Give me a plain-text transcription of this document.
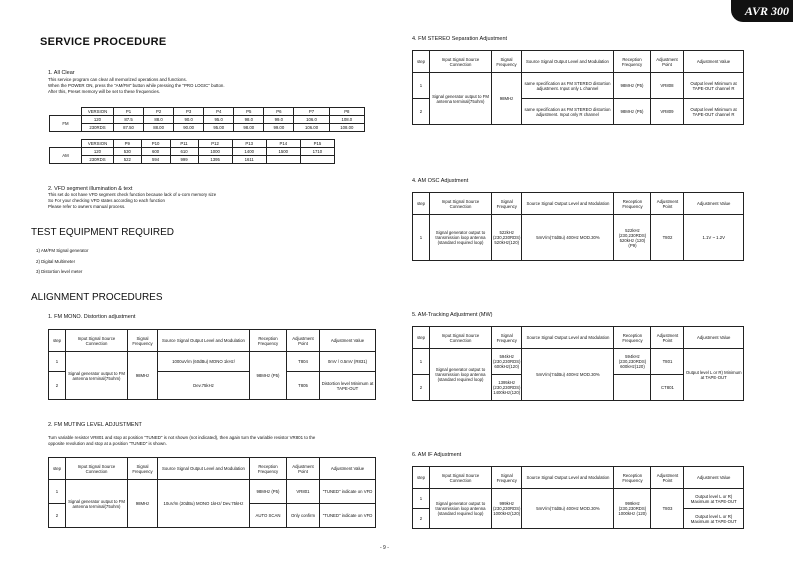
AVR 300
SERVICE PROCEDURE
1. All Clear
This service program can clear all memorized operations and functions.
When the POWER ON, press the "AM/FM" button while pressing the "PRO LOGIC" button.
After this, Preset memory will be set to these frequencies.
	VERSION	P1	P2	P3	P4	P5	P6	P7	P8
FM	120	87.5	88.0	90.0	95.0	98.0	99.0	106.0	108.0
	230RDS	87.50	88.00	90.00	95.00	98.00	99.00	106.00	108.00
	VERSION	P9	P10	P11	P12	P13	P14	P15
AM	120	530	600	610	1000	1400	1500	1710
	230RDS	522	594	999	1395	1611		
2. VFD segment illumination & text
This set do not have VFD segment check function because lack of u-com memory size
So For your checking VFD states according to each function
Please refer to owners manual process.
TEST EQUIPMENT REQUIRED
1) AM/FM Signal generator
2) Digital Multimeter
3) Distortion level meter
ALIGNMENT PROCEDURES
1. FM MONO. Distortion adjustment
step	Input Signal Source Connection	Signal Frequency	Source Signal Output Level and Modulation	Reception Frequency	Adjustment Point	Adjustment Value
1	Signal generator output to FM antenna terminal(75ohm)	98MHz	1000uV/m (60dBu) MONO 1kHz/	98MHz (P5)	T804	0mV / 0.5mV (R831)
2			Dev.75kHz		T805	Distortion level Minimum at TAPE-OUT
2. FM MUTING LEVEL ADJUSTMENT
Turn variable resistor VR801 and stop at position "TUNED" is not shown (not indicated), then again turn the variable resistor VR801 to the
opposite revolution and stop at a position "TUNED" is shown.
step	Input Signal Source Connection	Signal Frequency	Source Signal Output Level and Modulation	Reception Frequency	Adjustment Point	Adjustment Value
1	Signal generator output to FM antenna terminal(75ohm)	98MHz	10uV/m (20dBu) MONO 1kHz/ Dev.75kHz	98MHz (P5)	VR801	"TUNED" indicate on VFD
2				AUTO SCAN	Only confirm	"TUNED" indicate on VFD
4. FM STEREO Separation Adjustment
step	Input Signal Source Connection	Signal Frequency	Source Signal Output Level and Modulation	Reception Frequency	Adjustment Point	Adjustment Value
1	Signal generator output to FM antenna terminal(75ohm)	98MHz	same specification as FM STEREO distortion adjustment. Input only L channel	98MHz (P5)	VR808	Output level Minimum at TAPE-OUT channel R
2			same specification as FM STEREO distortion adjustment. Input only R channel	98MHz (P5)	VR809	Output level Minimum at TAPE-OUT channel R
4. AM OSC Adjustment
step	Input Signal Source Connection	Signal Frequency	Source Signal Output Level and Modulation	Reception Frequency	Adjustment Point	Adjustment Value
1	Signal generator output to transmission loop antenna (standard required loop)	522kHz (230,230RDS) 520kHz(120)	5mV/m(74dBu) 400Hz MOD.30%	522kHz (230,230RDS) 520kHz (120) (P9)	T802	1.1V ~ 1.2V
5. AM-Tracking Adjustment (MW)
step	Input Signal Source Connection	Signal Frequency	Source Signal Output Level and Modulation	Reception Frequency	Adjustment Point	Adjustment Value
1	Signal generator output to transmission loop antenna (standard required loop)	594kHz (230,230RDS) 600kHz(120)	5mV/m(74dBu) 400Hz MOD.30%	594kHz (230,230RDS) 600kHz(120)	T801	Output level L or R) Minimum at TAPE-OUT
2		1395kHz (230,230RDS) 1400kHz(120)			CT801	
6. AM IF Adjustment
step	Input Signal Source Connection	Signal Frequency	Source Signal Output Level and Modulation	Reception Frequency	Adjustment Point	Adjustment Value
1	Signal generator output to transmission loop antenna (standard required loop)	999kHz (230,230RDS) 1000kHz(120)	5mV/m(74dBu) 400Hz MOD.30%	999kHz (230,230RDS) 1000kHz (120)	T803	Output level L or R) Maximum at TAPE-OUT
2						Output level L or R) Maximum at TAPE-OUT
- 9 -
